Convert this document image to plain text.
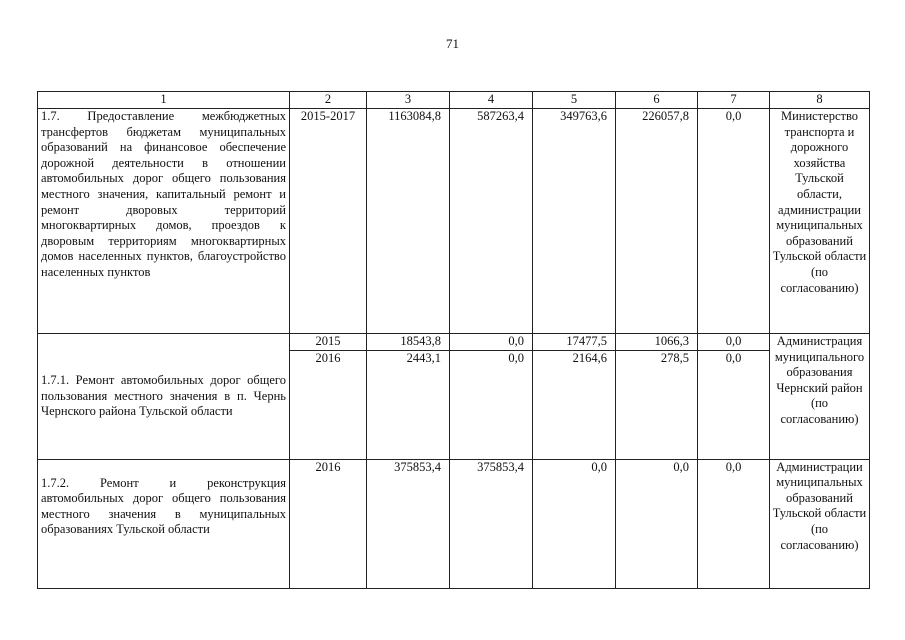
71
1	2	3	4	5	6	7	8
1.7. Предоставление межбюджетных трансфертов бюджетам муниципальных образований на финансовое обеспечение дорожной деятельности в отношении автомобильных дорог общего пользования местного значения, капитальный ремонт и ремонт дворовых территорий многоквартирных домов, проездов к дворовым территориям многоквартирных домов населенных пунктов, благоустройство населенных пунктов	2015-2017	1163084,8	587263,4	349763,6	226057,8	0,0	Министерство транспорта и дорожного хозяйства Тульской области, администрации муниципальных образований Тульской области (по согласованию)
1.7.1. Ремонт автомобильных дорог общего пользования местного значения в п. Чернь Чернского района Тульской области	2015	18543,8	0,0	17477,5	1066,3	0,0	Администрация муниципального образования Чернский район (по согласованию)
	2016	2443,1	0,0	2164,6	278,5	0,0	
1.7.2. Ремонт и реконструкция автомобильных дорог общего пользования местного значения в муниципальных образованиях Тульской области	2016	375853,4	375853,4	0,0	0,0	0,0	Администрации муниципальных образований Тульской области (по согласованию)
